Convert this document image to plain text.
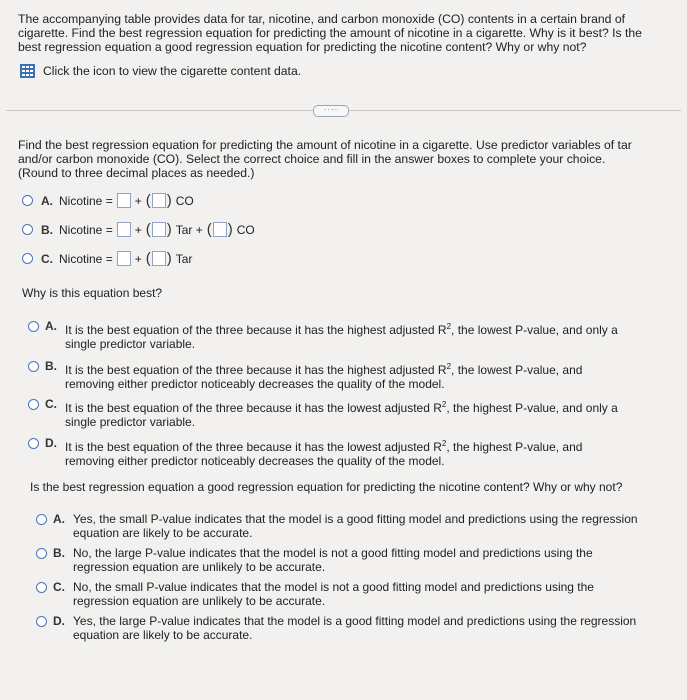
The accompanying table provides data for tar, nicotine, and carbon monoxide (CO) contents in a certain brand of cigarette. Find the best regression equation for predicting the amount of nicotine in a cigarette. Why is it best? Is the best regression equation a good regression equation for predicting the nicotine content? Why or why not?
Click the icon to view the cigarette content data.
····
Find the best regression equation for predicting the amount of nicotine in a cigarette. Use predictor variables of tar and/or carbon monoxide (CO). Select the correct choice and fill in the answer boxes to complete your choice.
(Round to three decimal places as needed.)
A. Nicotine = + ( ) CO
B. Nicotine = + ( ) Tar + ( ) CO
C. Nicotine = + ( ) Tar
Why is this equation best?
A. It is the best equation of the three because it has the highest adjusted $R^2$, the lowest P-value, and only a single predictor variable.
B. It is the best equation of the three because it has the highest adjusted $R^2$, the lowest P-value, and removing either predictor noticeably decreases the quality of the model.
C. It is the best equation of the three because it has the lowest adjusted $R^2$, the highest P-value, and only a single predictor variable.
D. It is the best equation of the three because it has the lowest adjusted $R^2$, the highest P-value, and removing either predictor noticeably decreases the quality of the model.
Is the best regression equation a good regression equation for predicting the nicotine content? Why or why not?
A. Yes, the small P-value indicates that the model is a good fitting model and predictions using the regression equation are likely to be accurate.
B. No, the large P-value indicates that the model is not a good fitting model and predictions using the regression equation are unlikely to be accurate.
C. No, the small P-value indicates that the model is not a good fitting model and predictions using the regression equation are unlikely to be accurate.
D. Yes, the large P-value indicates that the model is a good fitting model and predictions using the regression equation are likely to be accurate.
